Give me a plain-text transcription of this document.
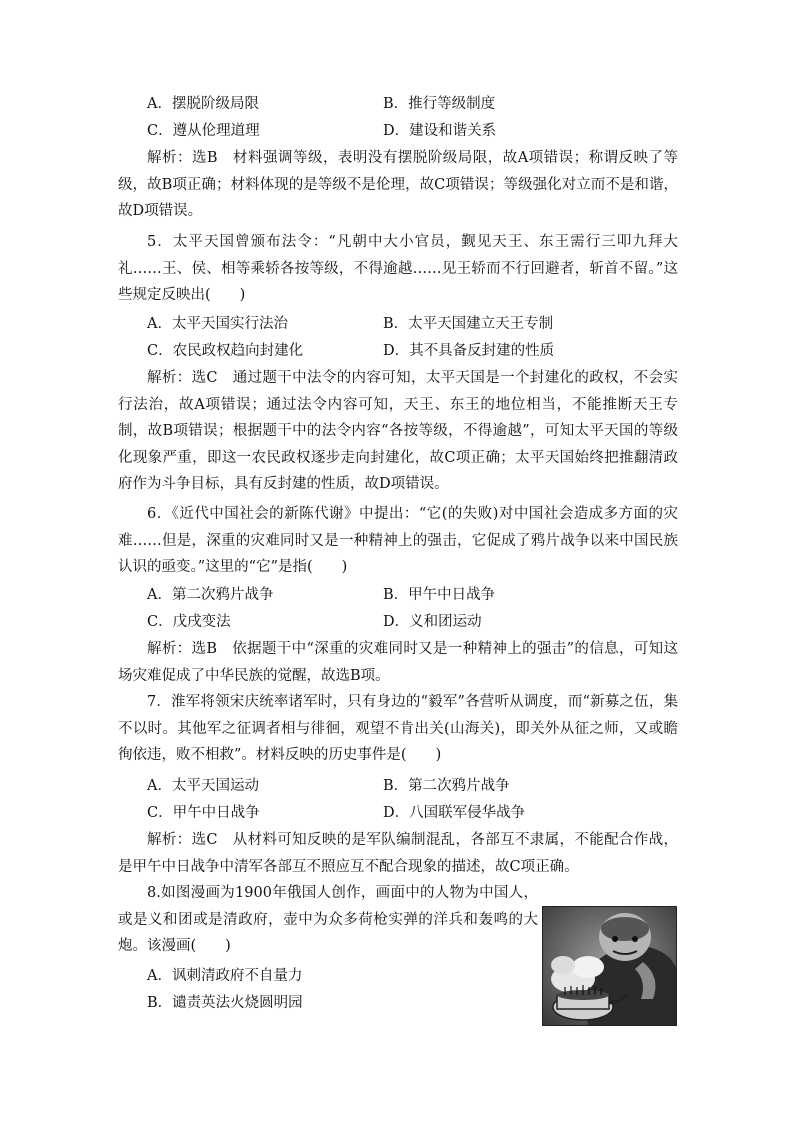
A．摆脱阶级局限	B．推行等级制度
C．遵从伦理道理	D．建设和谐关系

解析：选B　材料强调等级，表明没有摆脱阶级局限，故A项错误；称谓反映了等级，故B项正确；材料体现的是等级不是伦理，故C项错误；等级强化对立而不是和谐，故D项错误。

5．太平天国曾颁布法令：“凡朝中大小官员，觐见天王、东王需行三叩九拜大礼……王、侯、相等乘轿各按等级，不得逾越……见王轿而不行回避者，斩首不留。”这些规定反映出(　　)

A．太平天国实行法治	B．太平天国建立天王专制
C．农民政权趋向封建化	D．其不具备反封建的性质

解析：选C　通过题干中法令的内容可知，太平天国是一个封建化的政权，不会实行法治，故A项错误；通过法令内容可知，天王、东王的地位相当，不能推断天王专制，故B项错误；根据题干中的法令内容“各按等级，不得逾越”，可知太平天国的等级化现象严重，即这一农民政权逐步走向封建化，故C项正确；太平天国始终把推翻清政府作为斗争目标，具有反封建的性质，故D项错误。

6．《近代中国社会的新陈代谢》中提出：“它(的失败)对中国社会造成多方面的灾难……但是，深重的灾难同时又是一种精神上的强击，它促成了鸦片战争以来中国民族认识的亟变。”这里的“它”是指(　　)

A．第二次鸦片战争	B．甲午中日战争
C．戊戌变法	D．义和团运动

解析：选B　依据题干中“深重的灾难同时又是一种精神上的强击”的信息，可知这场灾难促成了中华民族的觉醒，故选B项。

7．淮军将领宋庆统率诸军时，只有身边的“毅军”各营听从调度，而“新募之伍，集不以时。其他军之征调者相与徘徊，观望不肯出关(山海关)，即关外从征之师，又或瞻徇依违，败不相救”。材料反映的历史事件是(　　)

A．太平天国运动	B．第二次鸦片战争
C．甲午中日战争	D．八国联军侵华战争

解析：选C　从材料可知反映的是军队编制混乱，各部互不隶属，不能配合作战，是甲午中日战争中清军各部互不照应互不配合现象的描述，故C项正确。

8.如图漫画为1900年俄国人创作，画面中的人物为中国人，或是义和团或是清政府，壶中为众多荷枪实弹的洋兵和轰鸣的大炮。该漫画(　　)

A．讽刺清政府不自量力
B．谴责英法火烧圆明园
